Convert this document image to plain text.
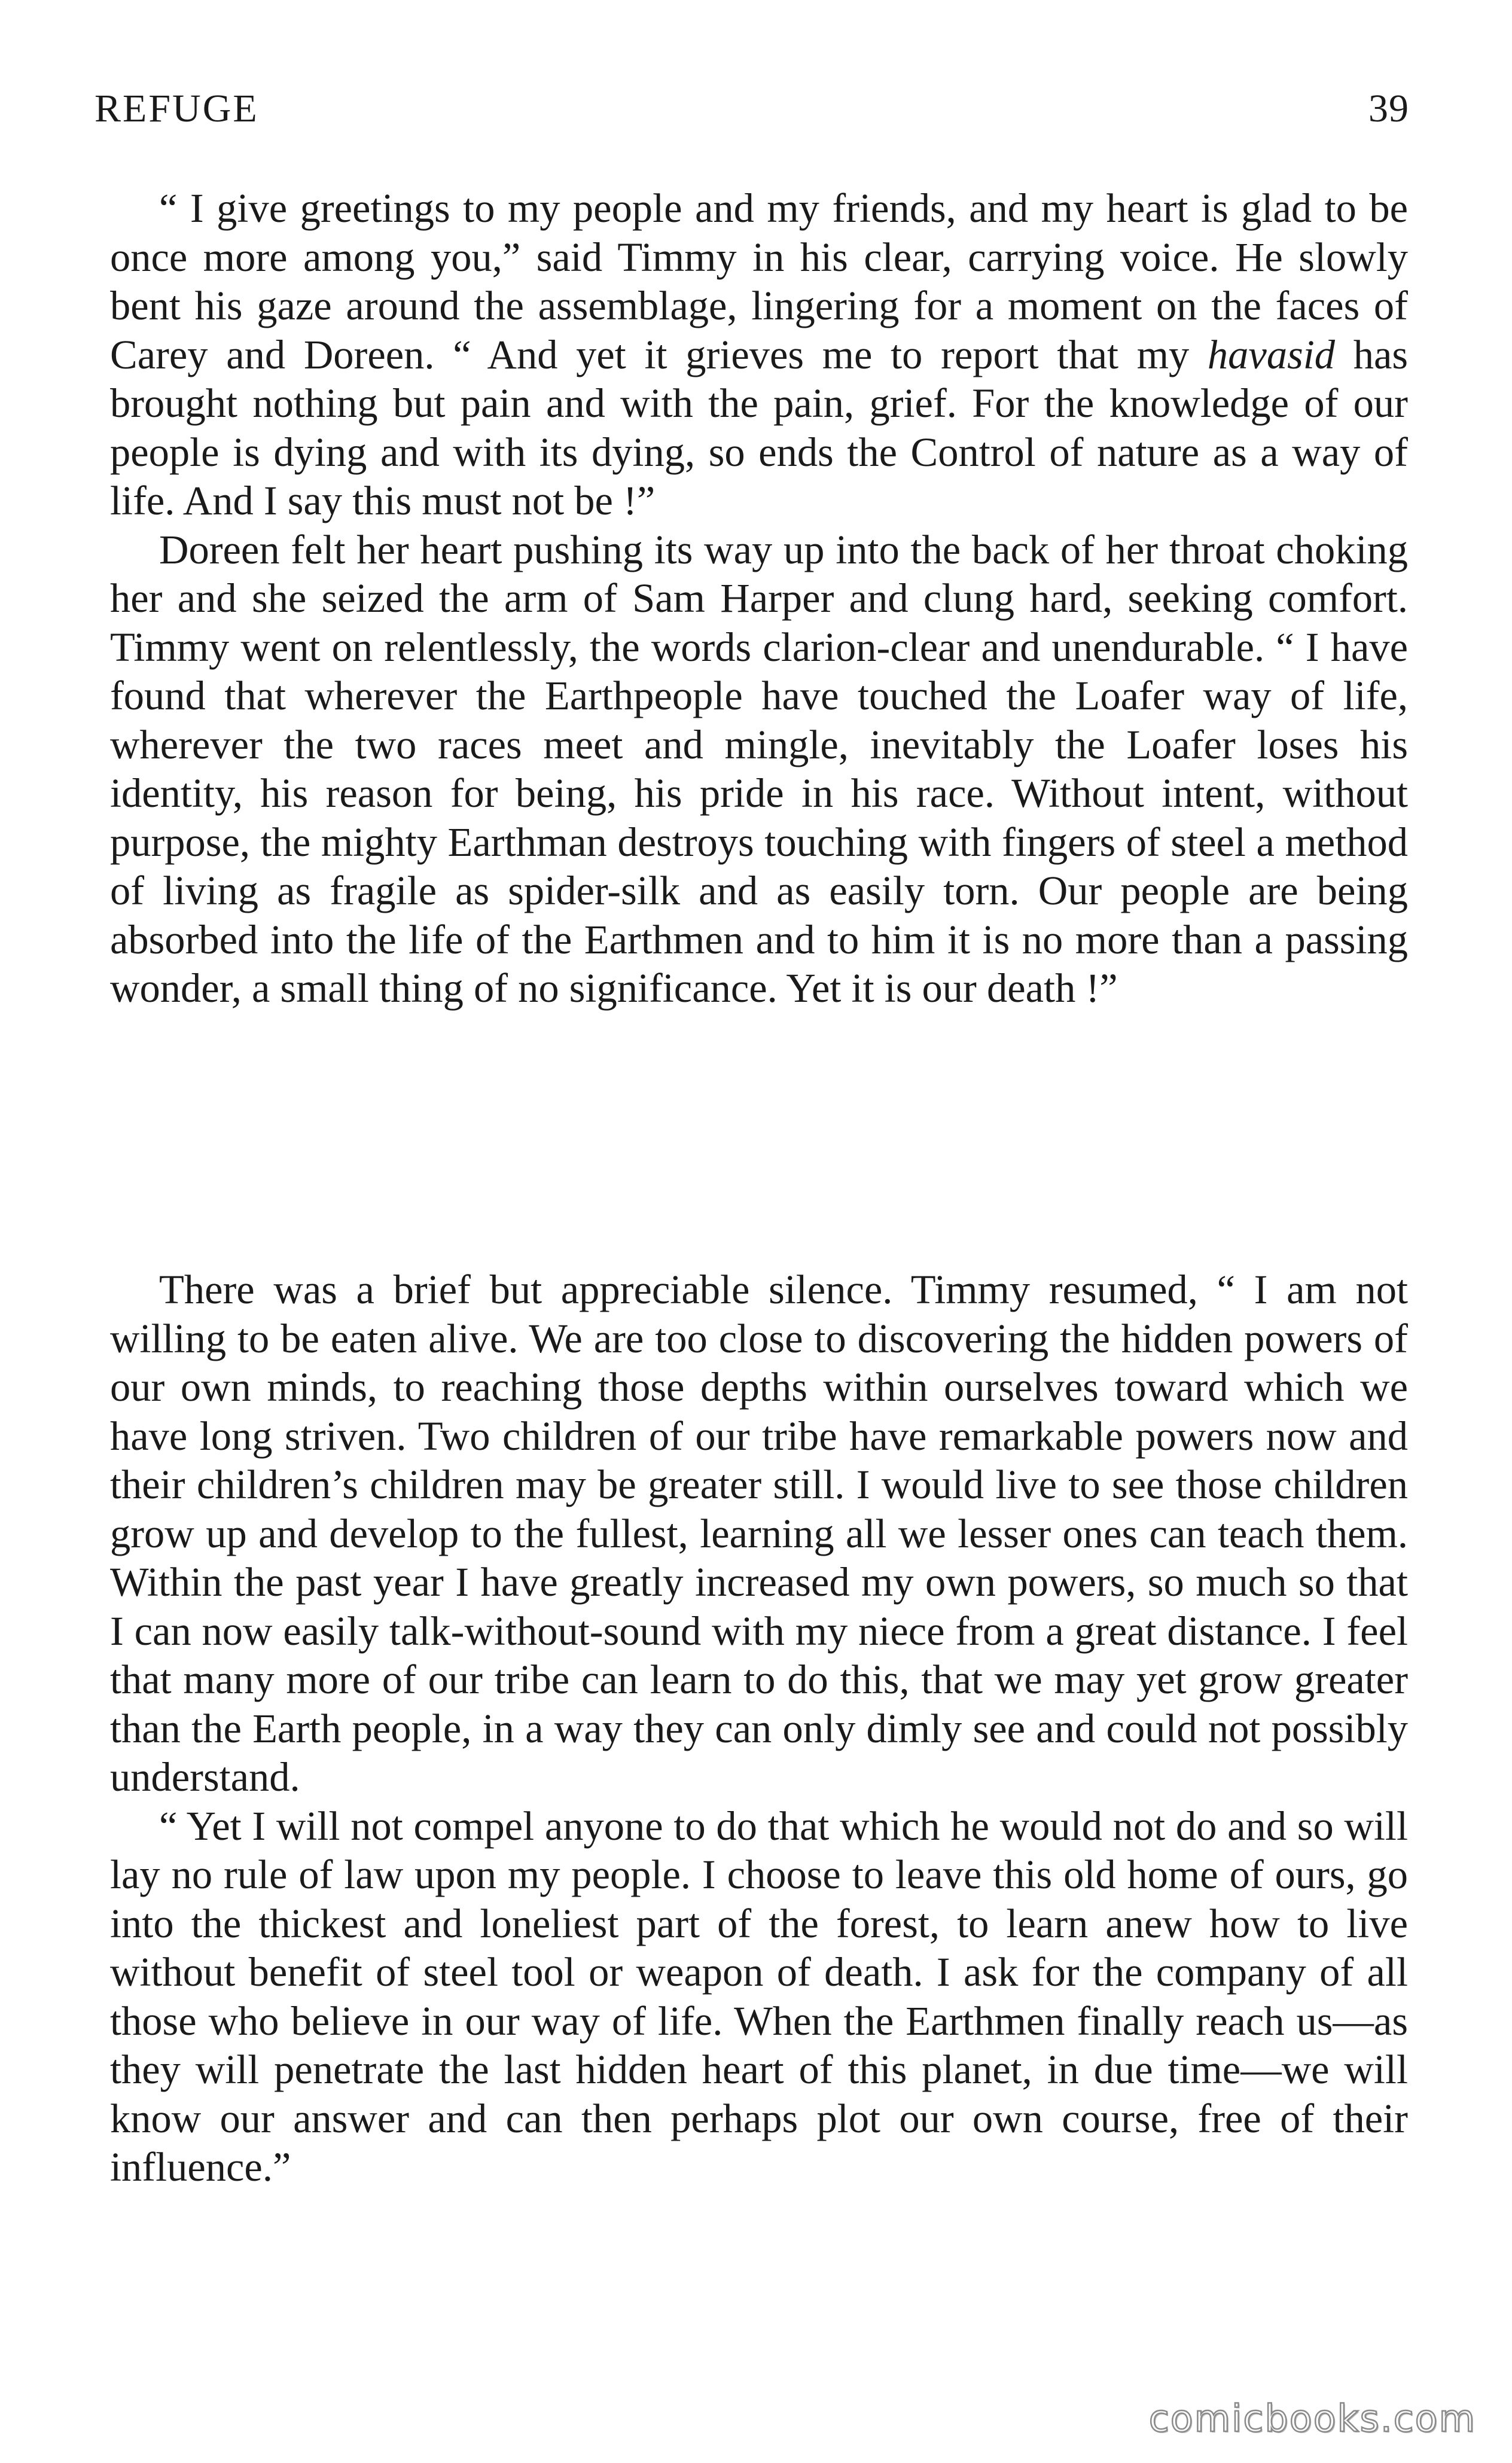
REFUGE	39

“ I give greetings to my people and my friends, and my heart is glad to be once more among you,” said Timmy in his clear, carrying voice. He slowly bent his gaze around the assemblage, lingering for a moment on the faces of Carey and Doreen. “ And yet it grieves me to report that my havasid has brought nothing but pain and with the pain, grief. For the knowledge of our people is dying and with its dying, so ends the Control of nature as a way of life. And I say this must not be !”

Doreen felt her heart pushing its way up into the back of her throat choking her and she seized the arm of Sam Harper and clung hard, seeking comfort. Timmy went on relentlessly, the words clarion-clear and unendurable. “ I have found that wherever the Earthpeople have touched the Loafer way of life, wherever the two races meet and mingle, inevitably the Loafer loses his identity, his reason for being, his pride in his race. Without intent, without purpose, the mighty Earthman destroys touching with fingers of steel a method of living as fragile as spider-silk and as easily torn. Our people are being absorbed into the life of the Earthmen and to him it is no more than a passing wonder, a small thing of no significance. Yet it is our death !”

There was a brief but appreciable silence. Timmy resumed, “ I am not willing to be eaten alive. We are too close to discovering the hidden powers of our own minds, to reaching those depths within ourselves toward which we have long striven. Two children of our tribe have remarkable powers now and their children’s children may be greater still. I would live to see those children grow up and develop to the fullest, learning all we lesser ones can teach them. Within the past year I have greatly increased my own powers, so much so that I can now easily talk-without-sound with my niece from a great distance. I feel that many more of our tribe can learn to do this, that we may yet grow greater than the Earth people, in a way they can only dimly see and could not possibly understand.

“ Yet I will not compel anyone to do that which he would not do and so will lay no rule of law upon my people. I choose to leave this old home of ours, go into the thickest and loneliest part of the forest, to learn anew how to live without benefit of steel tool or weapon of death. I ask for the company of all those who believe in our way of life. When the Earthmen finally reach us—as they will penetrate the last hidden heart of this planet, in due time—we will know our answer and can then perhaps plot our own course, free of their influence.”

comicbooks.com
